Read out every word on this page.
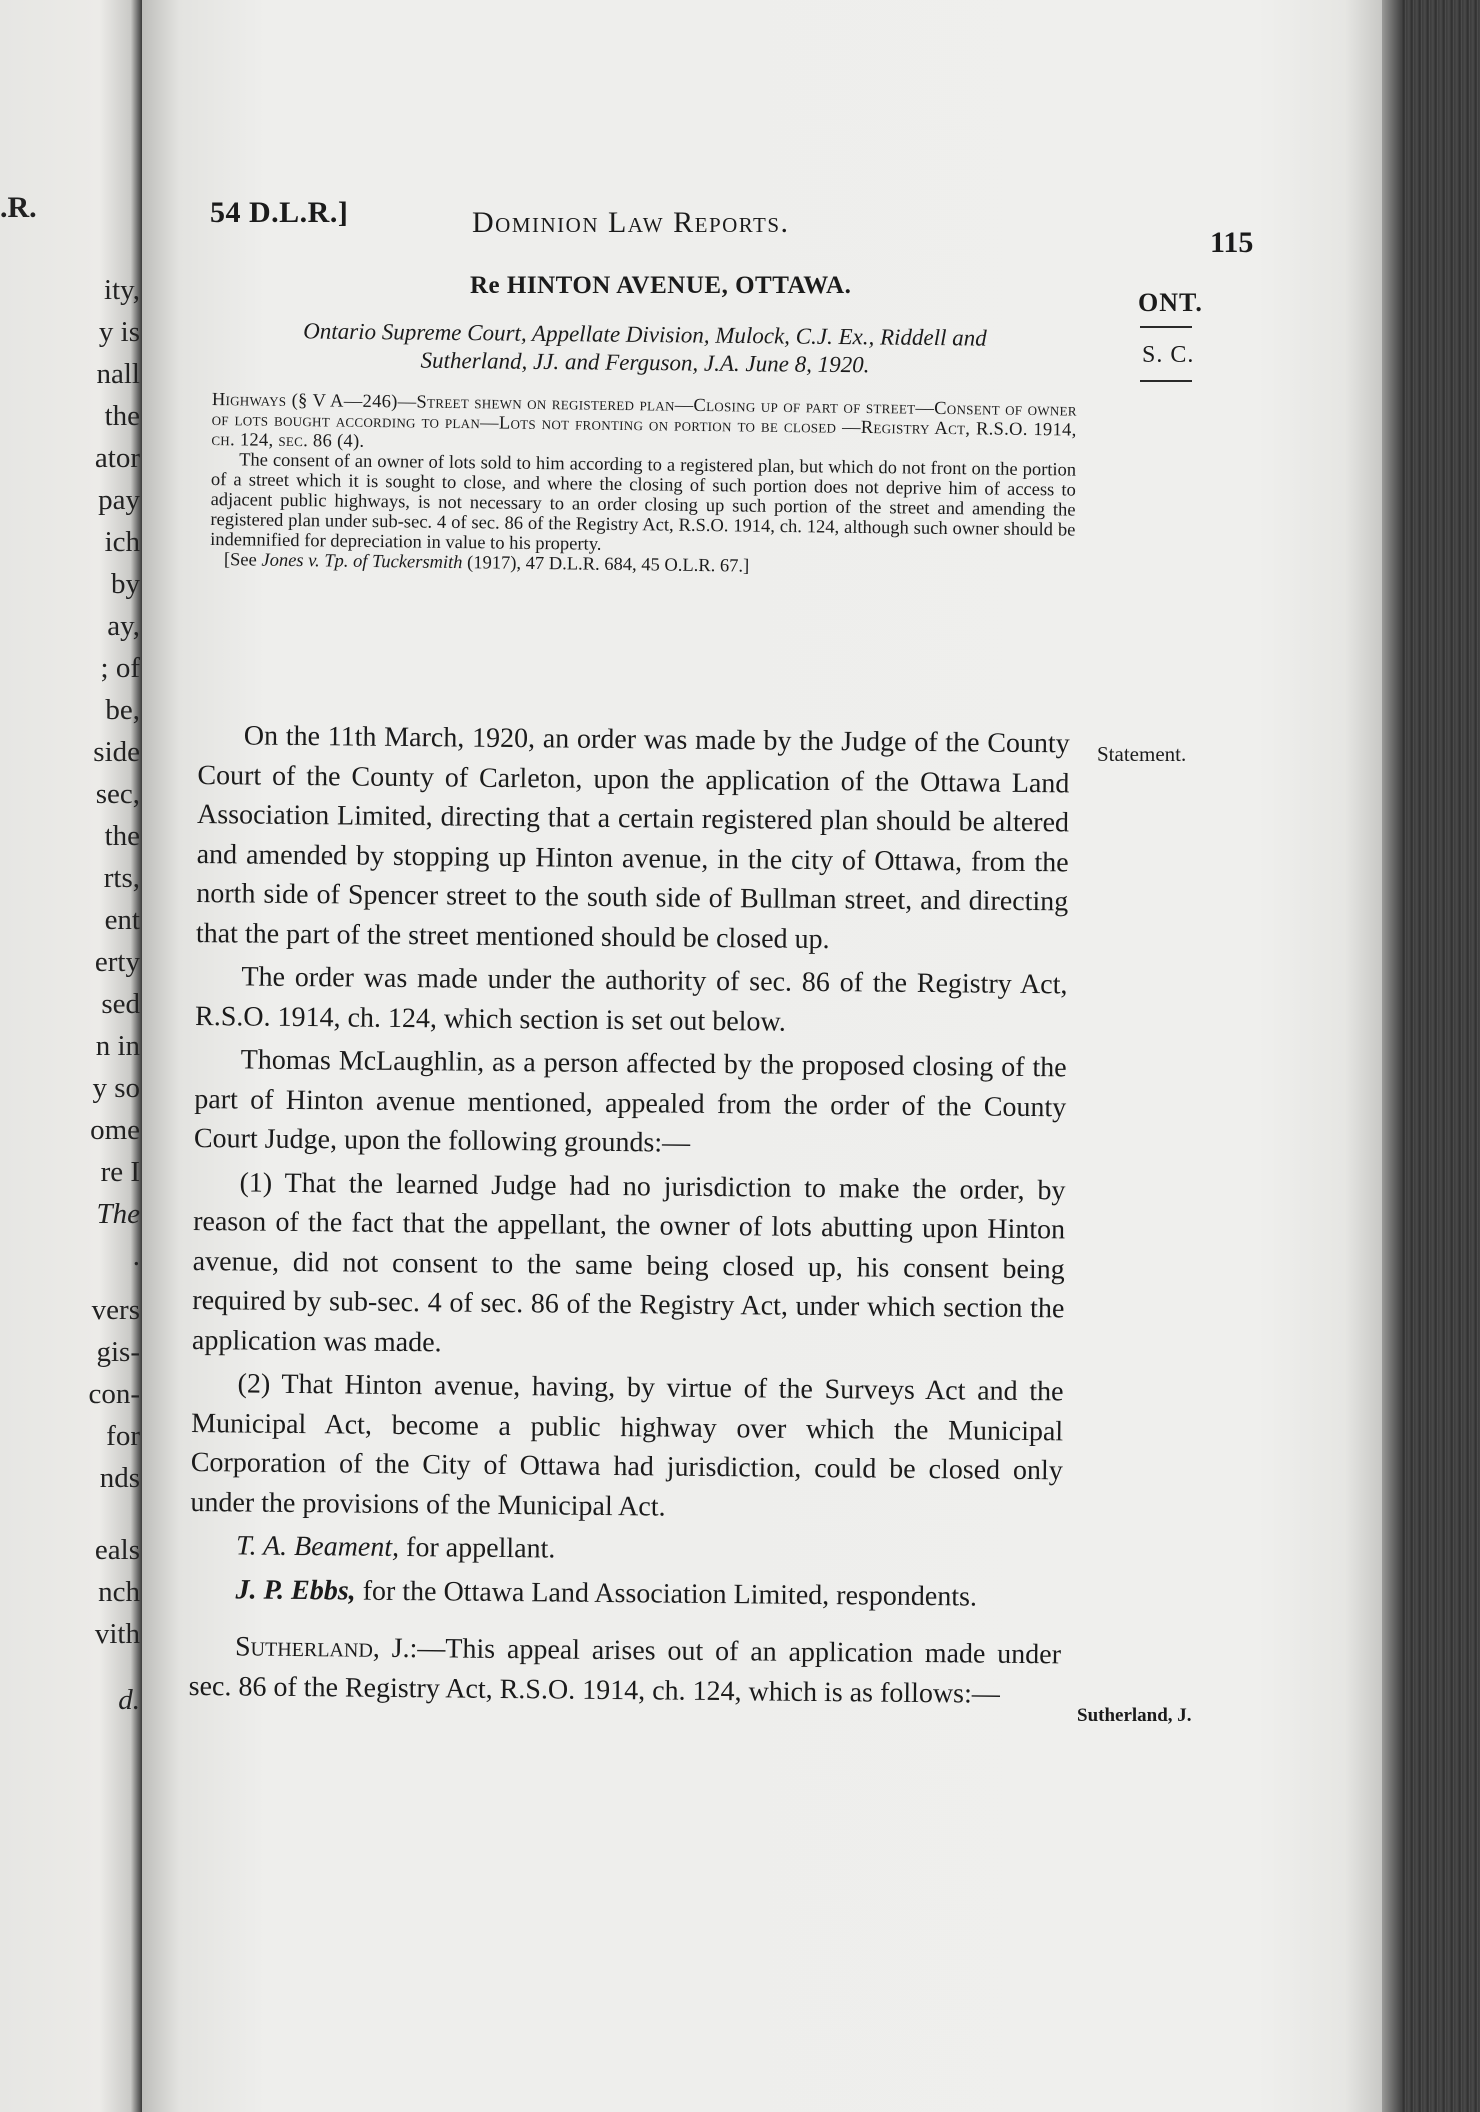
.R.
ity,
y is
nall
the
ator
pay
ich
by
ay,
; of
be,
side
sec,
the
rts,
ent
erty
sed
n in
y so
ome
re I
The
.
vers
gis-
con-
for
nds
eals
nch
vith
d.
54 D.L.R.]	Dominion Law Reports.
115
Re HINTON AVENUE, OTTAWA.
Ontario Supreme Court, Appellate Division, Mulock, C.J. Ex., Riddell and
Sutherland, JJ. and Ferguson, J.A. June 8, 1920.
ONT.
S. C.

Highways (§ V A—246)—Street shewn on registered plan—Closing up of part of street—Consent of owner of lots bought according to plan—Lots not fronting on portion to be closed —Registry Act, R.S.O. 1914, ch. 124, sec. 86 (4).

The consent of an owner of lots sold to him according to a registered plan, but which do not front on the portion of a street which it is sought to close, and where the closing of such portion does not deprive him of access to adjacent public highways, is not necessary to an order closing up such portion of the street and amending the registered plan under sub-sec. 4 of sec. 86 of the Registry Act, R.S.O. 1914, ch. 124, although such owner should be indemnified for depreciation in value to his property.

[See Jones v. Tp. of Tuckersmith (1917), 47 D.L.R. 684, 45 O.L.R. 67.]

Statement.
Sutherland, J.

On the 11th March, 1920, an order was made by the Judge of the County Court of the County of Carleton, upon the application of the Ottawa Land Association Limited, directing that a certain registered plan should be altered and amended by stopping up Hinton avenue, in the city of Ottawa, from the north side of Spencer street to the south side of Bullman street, and directing that the part of the street mentioned should be closed up.

The order was made under the authority of sec. 86 of the Registry Act, R.S.O. 1914, ch. 124, which section is set out below.

Thomas McLaughlin, as a person affected by the proposed closing of the part of Hinton avenue mentioned, appealed from the order of the County Court Judge, upon the following grounds:—

(1) That the learned Judge had no jurisdiction to make the order, by reason of the fact that the appellant, the owner of lots abutting upon Hinton avenue, did not consent to the same being closed up, his consent being required by sub-sec. 4 of sec. 86 of the Registry Act, under which section the application was made.

(2) That Hinton avenue, having, by virtue of the Surveys Act and the Municipal Act, become a public highway over which the Municipal Corporation of the City of Ottawa had jurisdiction, could be closed only under the provisions of the Municipal Act.

T. A. Beament, for appellant.

J. P. Ebbs, for the Ottawa Land Association Limited, respondents.

Sutherland, J.:—This appeal arises out of an application made under sec. 86 of the Registry Act, R.S.O. 1914, ch. 124, which is as follows:—
